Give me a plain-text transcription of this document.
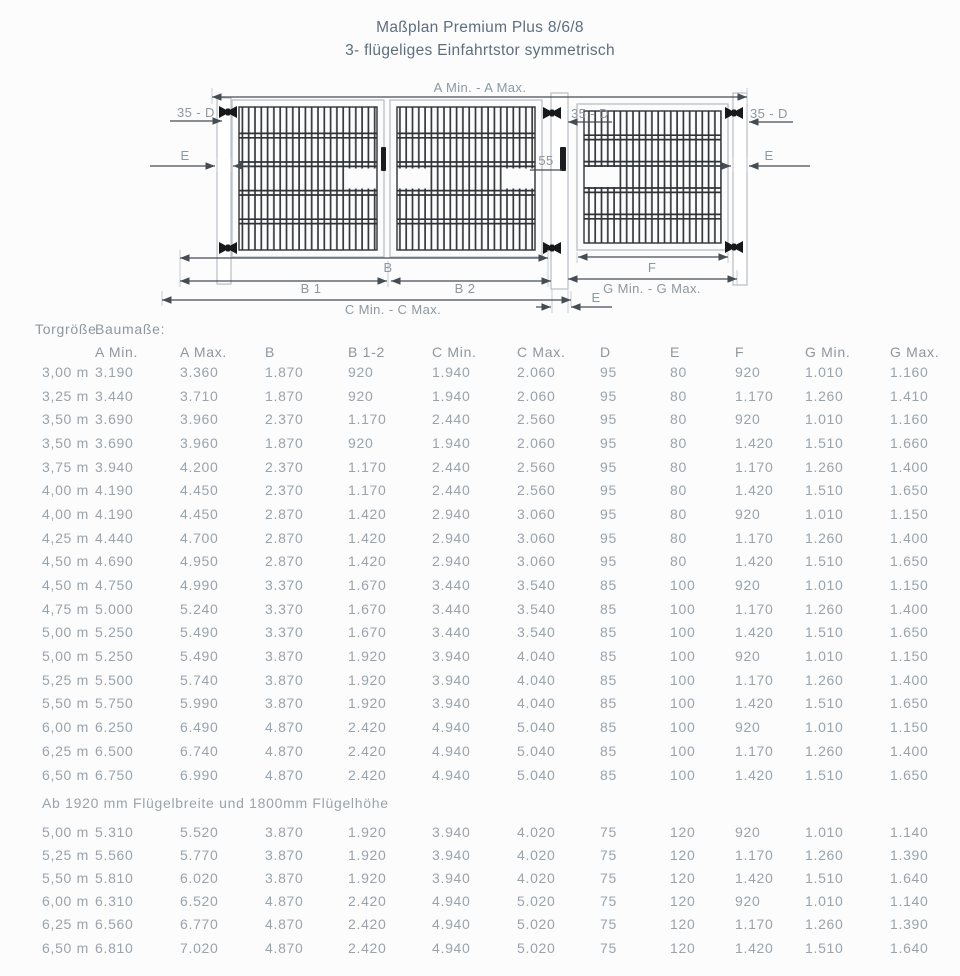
Maßplan Premium Plus 8/6/8
3- flügeliges Einfahrtstor symmetrisch
A Min. - A Max.
35 - D	35 - D	35 - D
E	E
55
B
B 1	B 2
C Min. - C Max.
F
G Min. - G Max.
E
Torgröße
Baumaße:
A Min.	A Max.	B	B 1-2	C Min.	C Max.	D	E	F	G Min.	G Max.
3,00 m 3.190	3.360	1.870	920	1.940	2.060	95	80	920	1.010	1.160
3,25 m 3.440	3.710	1.870	920	1.940	2.060	95	80	1.170	1.260	1.410
3,50 m 3.690	3.960	2.370	1.170	2.440	2.560	95	80	920	1.010	1.160
3,50 m 3.690	3.960	1.870	920	1.940	2.060	95	80	1.420	1.510	1.660
3,75 m 3.940	4.200	2.370	1.170	2.440	2.560	95	80	1.170	1.260	1.400
4,00 m 4.190	4.450	2.370	1.170	2.440	2.560	95	80	1.420	1.510	1.650
4,00 m 4.190	4.450	2.870	1.420	2.940	3.060	95	80	920	1.010	1.150
4,25 m 4.440	4.700	2.870	1.420	2.940	3.060	95	80	1.170	1.260	1.400
4,50 m 4.690	4.950	2.870	1.420	2.940	3.060	95	80	1.420	1.510	1.650
4,50 m 4.750	4.990	3.370	1.670	3.440	3.540	85	100	920	1.010	1.150
4,75 m 5.000	5.240	3.370	1.670	3.440	3.540	85	100	1.170	1.260	1.400
5,00 m 5.250	5.490	3.370	1.670	3.440	3.540	85	100	1.420	1.510	1.650
5,00 m 5.250	5.490	3.870	1.920	3.940	4.040	85	100	920	1.010	1.150
5,25 m 5.500	5.740	3.870	1.920	3.940	4.040	85	100	1.170	1.260	1.400
5,50 m 5.750	5.990	3.870	1.920	3.940	4.040	85	100	1.420	1.510	1.650
6,00 m 6.250	6.490	4.870	2.420	4.940	5.040	85	100	920	1.010	1.150
6,25 m 6.500	6.740	4.870	2.420	4.940	5.040	85	100	1.170	1.260	1.400
6,50 m 6.750	6.990	4.870	2.420	4.940	5.040	85	100	1.420	1.510	1.650
Ab 1920 mm Flügelbreite und 1800mm Flügelhöhe
5,00 m 5.310	5.520	3.870	1.920	3.940	4.020	75	120	920	1.010	1.140
5,25 m 5.560	5.770	3.870	1.920	3.940	4.020	75	120	1.170	1.260	1.390
5,50 m 5.810	6.020	3.870	1.920	3.940	4.020	75	120	1.420	1.510	1.640
6,00 m 6.310	6.520	4.870	2.420	4.940	5.020	75	120	920	1.010	1.140
6,25 m 6.560	6.770	4.870	2.420	4.940	5.020	75	120	1.170	1.260	1.390
6,50 m 6.810	7.020	4.870	2.420	4.940	5.020	75	120	1.420	1.510	1.640
